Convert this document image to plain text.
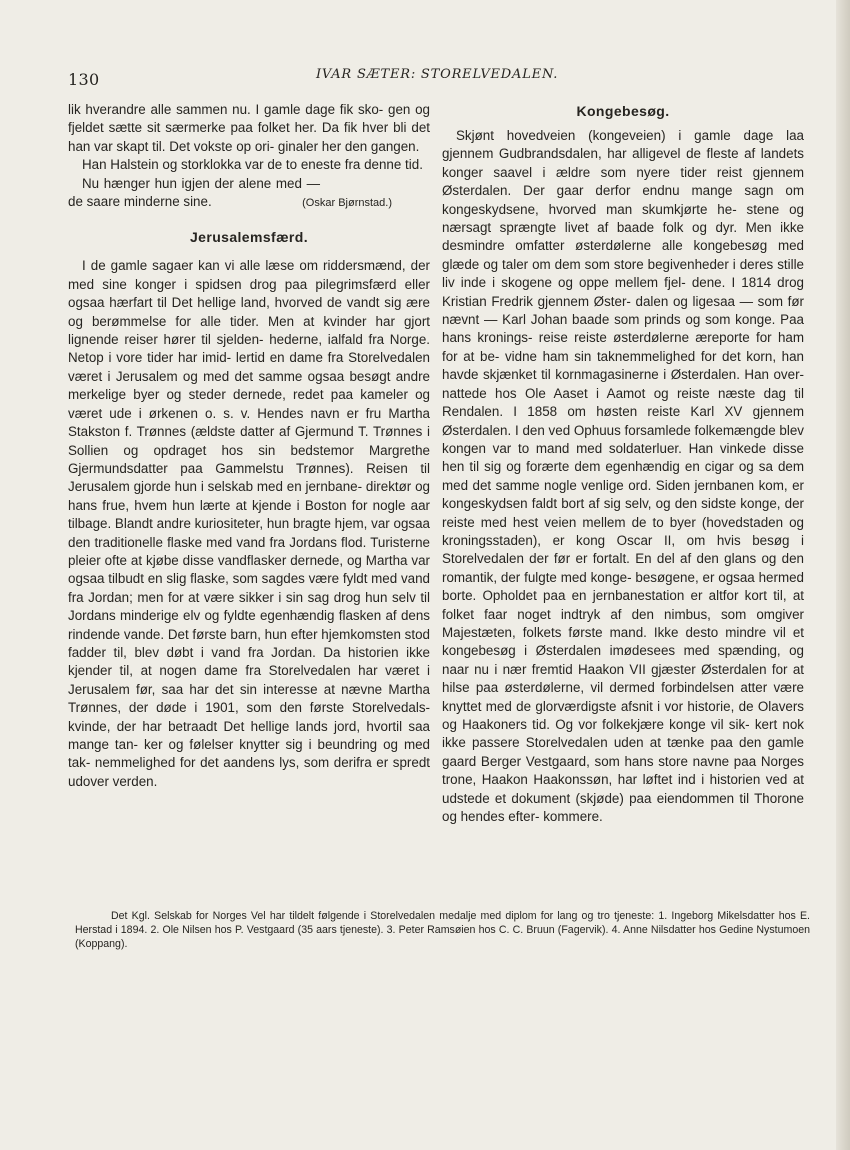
130	IVAR SÆTER: STORELVEDALEN.

lik hverandre alle sammen nu. I gamle dage fik sko- gen og fjeldet sætte sit særmerke paa folket her. Da fik hver bli det han var skapt til. Det vokste op ori- ginaler her den gangen.

Han Halstein og storklokka var de to eneste fra denne tid.

Nu hænger hun igjen der alene med — de saare minderne sine.	(Oskar Bjørnstad.)
Jerusalemsfærd.

I de gamle sagaer kan vi alle læse om riddersmænd, der med sine konger i spidsen drog paa pilegrimsfærd eller ogsaa hærfart til Det hellige land, hvorved de vandt sig ære og berømmelse for alle tider. Men at kvinder har gjort lignende reiser hører til sjelden- hederne, ialfald fra Norge. Netop i vore tider har imid- lertid en dame fra Storelvedalen været i Jerusalem og med det samme ogsaa besøgt andre merkelige byer og steder dernede, redet paa kameler og været ude i ørkenen o. s. v. Hendes navn er fru Martha Stakston f. Trønnes (ældste datter af Gjermund T. Trønnes i Sollien og opdraget hos sin bedstemor Margrethe Gjermundsdatter paa Gammelstu Trønnes). Reisen til Jerusalem gjorde hun i selskab med en jernbane- direktør og hans frue, hvem hun lærte at kjende i Boston for nogle aar tilbage. Blandt andre kuriositeter, hun bragte hjem, var ogsaa den traditionelle flaske med vand fra Jordans flod. Turisterne pleier ofte at kjøbe disse vandflasker dernede, og Martha var ogsaa tilbudt en slig flaske, som sagdes være fyldt med vand fra Jordan; men for at være sikker i sin sag drog hun selv til Jordans minderige elv og fyldte egenhændig flasken af dens rindende vande. Det første barn, hun efter hjemkomsten stod fadder til, blev døbt i vand fra Jordan. Da historien ikke kjender til, at nogen dame fra Storelvedalen har været i Jerusalem før, saa har det sin interesse at nævne Martha Trønnes, der døde i 1901, som den første Storelvedals-kvinde, der har betraadt Det hellige lands jord, hvortil saa mange tan- ker og følelser knytter sig i beundring og med tak- nemmelighed for det aandens lys, som derifra er spredt udover verden.

Kongebesøg.

Skjønt hovedveien (kongeveien) i gamle dage laa gjennem Gudbrandsdalen, har alligevel de fleste af landets konger saavel i ældre som nyere tider reist gjennem Østerdalen. Der gaar derfor endnu mange sagn om kongeskydsene, hvorved man skumkjørte he- stene og nærsagt sprængte livet af baade folk og dyr. Men ikke desmindre omfatter østerdølerne alle kongebesøg med glæde og taler om dem som store begivenheder i deres stille liv inde i skogene og oppe mellem fjel- dene. I 1814 drog Kristian Fredrik gjennem Øster- dalen og ligesaa — som før nævnt — Karl Johan baade som prinds og som konge. Paa hans kronings- reise reiste østerdølerne æreporte for ham for at be- vidne ham sin taknemmelighed for det korn, han havde skjænket til kornmagasinerne i Østerdalen. Han over- nattede hos Ole Aaset i Aamot og reiste næste dag til Rendalen. I 1858 om høsten reiste Karl XV gjennem Østerdalen. I den ved Ophuus forsamlede folkemængde blev kongen var to mand med soldaterluer. Han vinkede disse hen til sig og forærte dem egenhændig en cigar og sa dem med det samme nogle venlige ord. Siden jernbanen kom, er kongeskydsen faldt bort af sig selv, og den sidste konge, der reiste med hest veien mellem de to byer (hovedstaden og kroningsstaden), er kong Oscar II, om hvis besøg i Storelvedalen der før er fortalt. En del af den glans og den romantik, der fulgte med konge- besøgene, er ogsaa hermed borte. Opholdet paa en jernbanestation er altfor kort til, at folket faar noget indtryk af den nimbus, som omgiver Majestæten, folkets første mand. Ikke desto mindre vil et kongebesøg i Østerdalen imødesees med spænding, og naar nu i nær fremtid Haakon VII gjæster Østerdalen for at hilse paa østerdølerne, vil dermed forbindelsen atter være knyttet med de glorværdigste afsnit i vor historie, de Olavers og Haakoners tid. Og vor folkekjære konge vil sik- kert nok ikke passere Storelvedalen uden at tænke paa den gamle gaard Berger Vestgaard, som hans store navne paa Norges trone, Haakon Haakonssøn, har løftet ind i historien ved at udstede et dokument (skjøde) paa eiendommen til Thorone og hendes efter- kommere.

Det Kgl. Selskab for Norges Vel har tildelt følgende i Storelvedalen medalje med diplom for lang og tro tjeneste: 1. Ingeborg Mikelsdatter hos E. Herstad i 1894. 2. Ole Nilsen hos P. Vestgaard (35 aars tjeneste). 3. Peter Ramsøien hos C. C. Bruun (Fagervik). 4. Anne Nilsdatter hos Gedine Nystumoen (Koppang).
